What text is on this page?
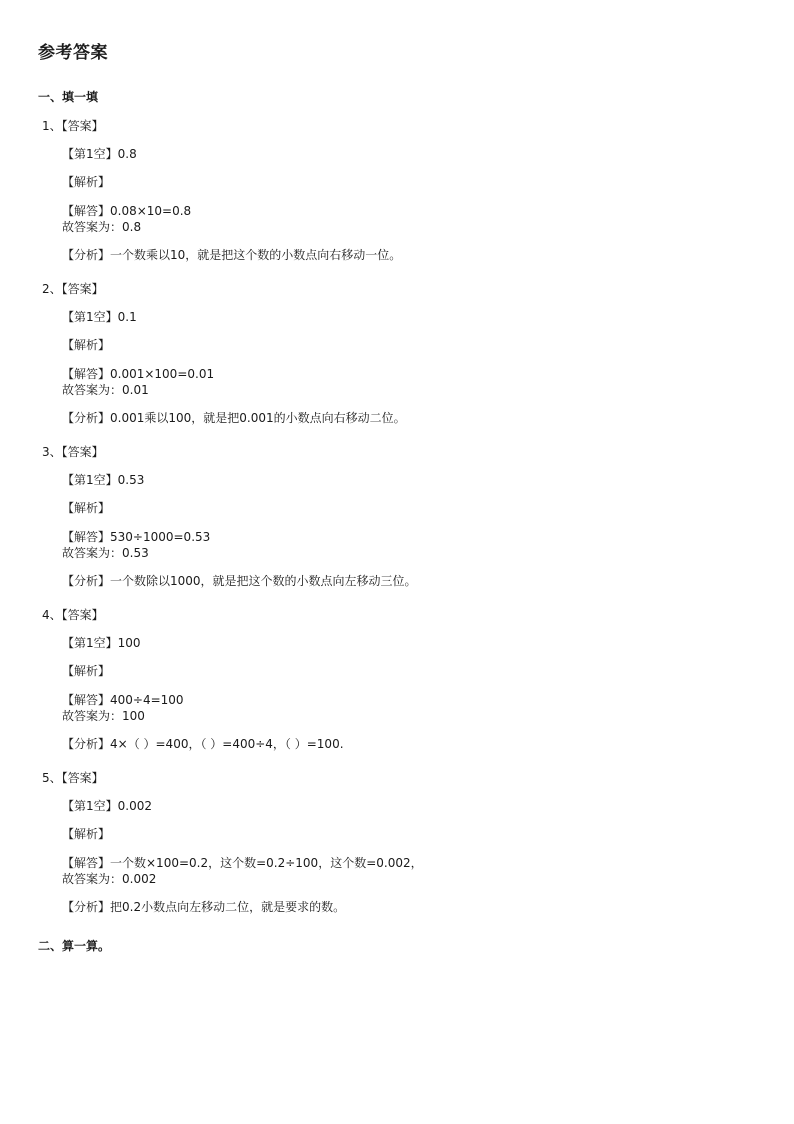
参考答案
一、填一填
1、【答案】
【第1空】0.8
【解析】
【解答】0.08×10=0.8
故答案为：0.8
【分析】一个数乘以10，就是把这个数的小数点向右移动一位。
2、【答案】
【第1空】0.1
【解析】
【解答】0.001×100=0.01
故答案为：0.01
【分析】0.001乘以100，就是把0.001的小数点向右移动二位。
3、【答案】
【第1空】0.53
【解析】
【解答】530÷1000=0.53
故答案为：0.53
【分析】一个数除以1000，就是把这个数的小数点向左移动三位。
4、【答案】
【第1空】100
【解析】
【解答】400÷4=100
故答案为：100
【分析】4×（ ）=400，（ ）=400÷4，（ ）=100.
5、【答案】
【第1空】0.002
【解析】
【解答】一个数×100=0.2，这个数=0.2÷100，这个数=0.002，
故答案为：0.002
【分析】把0.2小数点向左移动二位，就是要求的数。
二、算一算。
